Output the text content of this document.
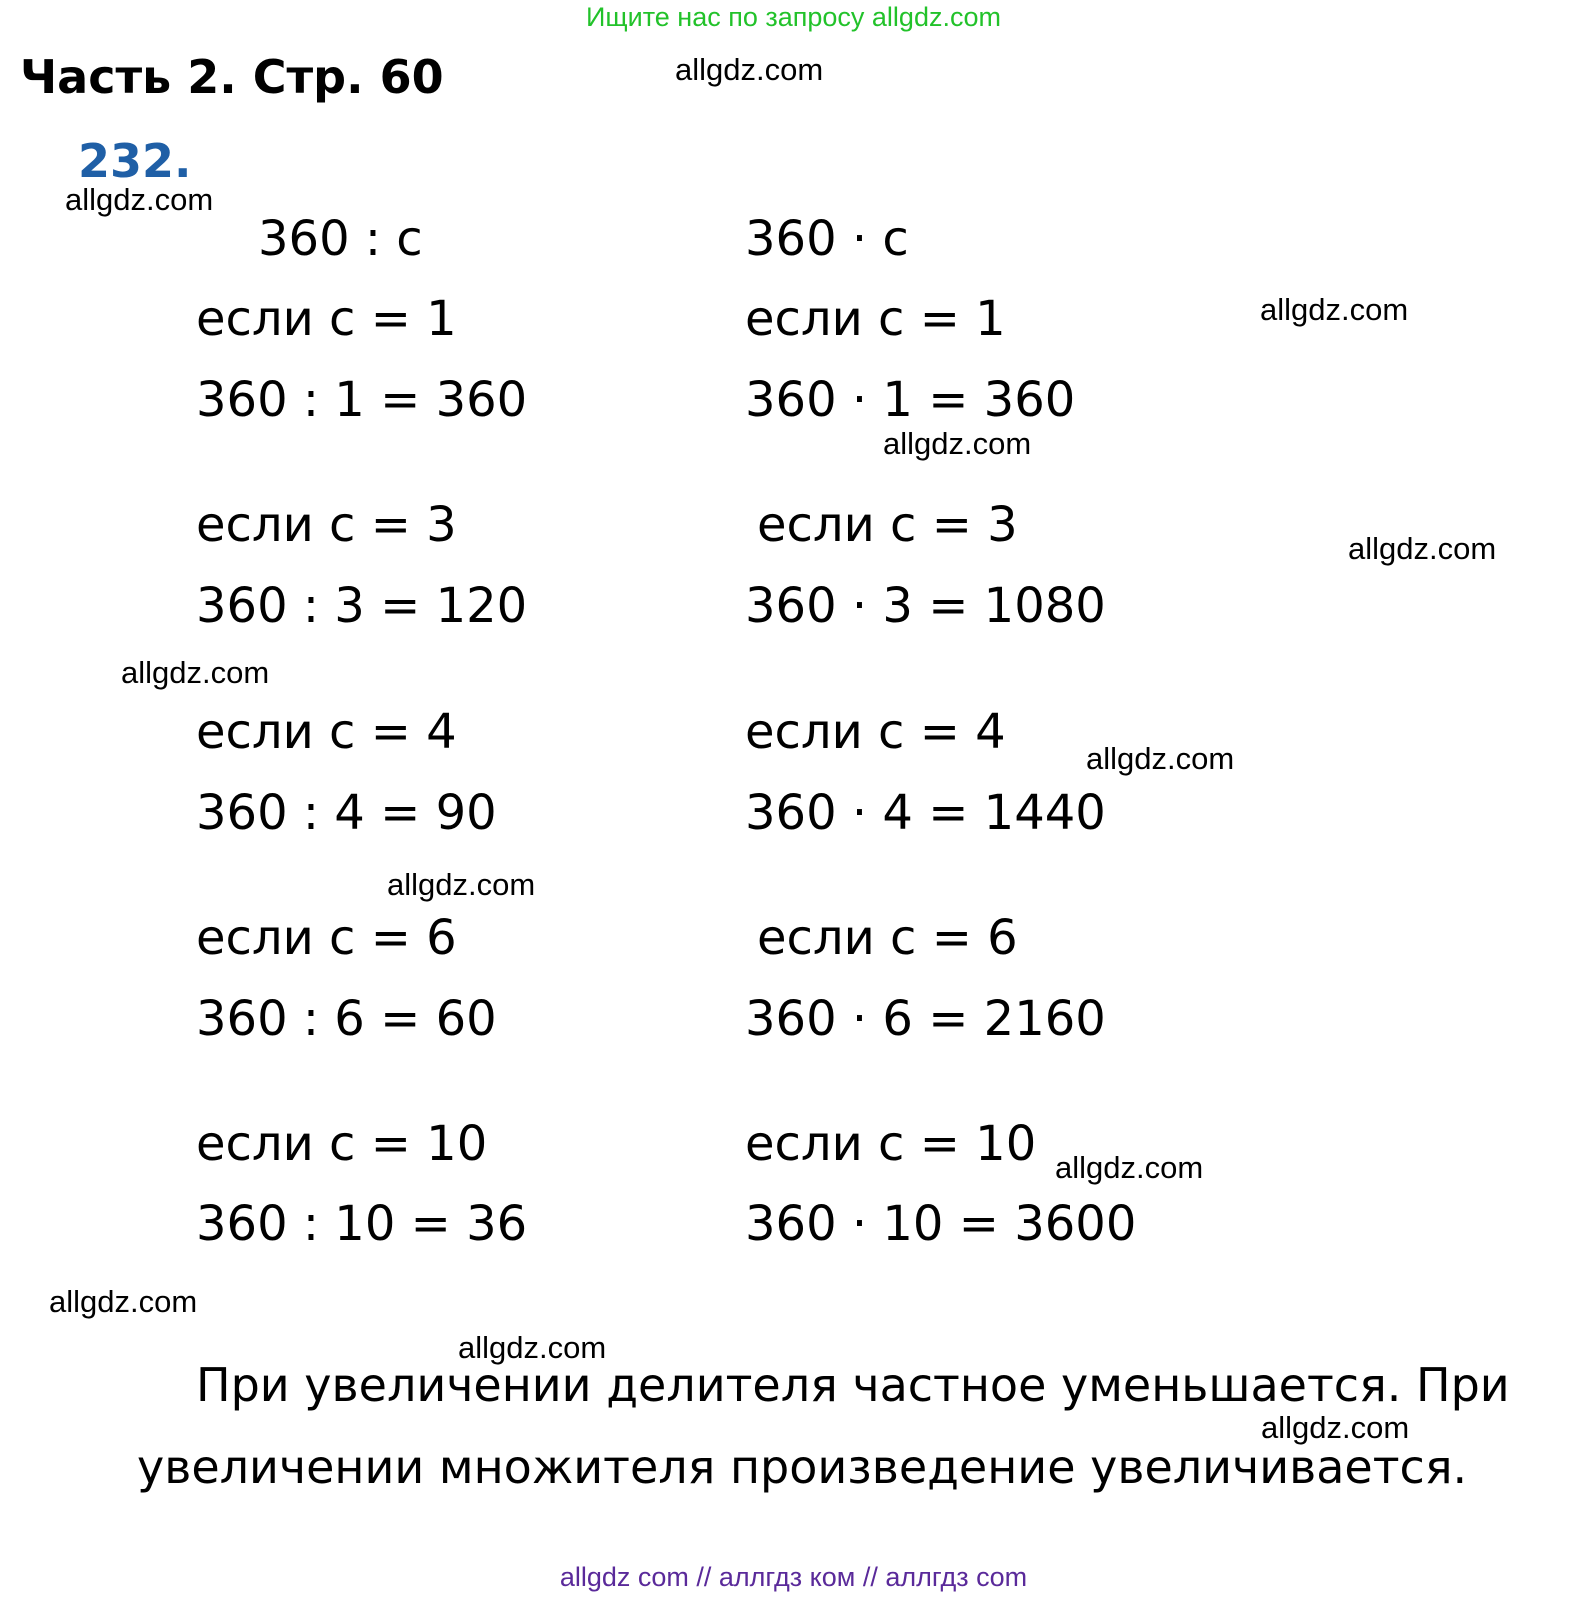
Ищите нас по запросу allgdz.com
Часть 2. Стр. 60
232.
allgdz.com
allgdz.com
allgdz.com
allgdz.com
allgdz.com
allgdz.com
allgdz.com
allgdz.com
allgdz.com
allgdz.com
allgdz.com
allgdz.com
360 : с
если с = 1
360 : 1 = 360
если с = 3
360 : 3 = 120
если с = 4
360 : 4 = 90
если с = 6
360 : 6 = 60
если с = 10
360 : 10 = 36
360 · с
если с = 1
360 · 1 = 360
если с = 3
360 · 3 = 1080
если с = 4
360 · 4 = 1440
если с = 6
360 · 6 = 2160
если с = 10
360 · 10 = 3600
При увеличении делителя частное уменьшается. При
увеличении множителя произведение увеличивается.
allgdz com // аллгдз ком // аллгдз com
